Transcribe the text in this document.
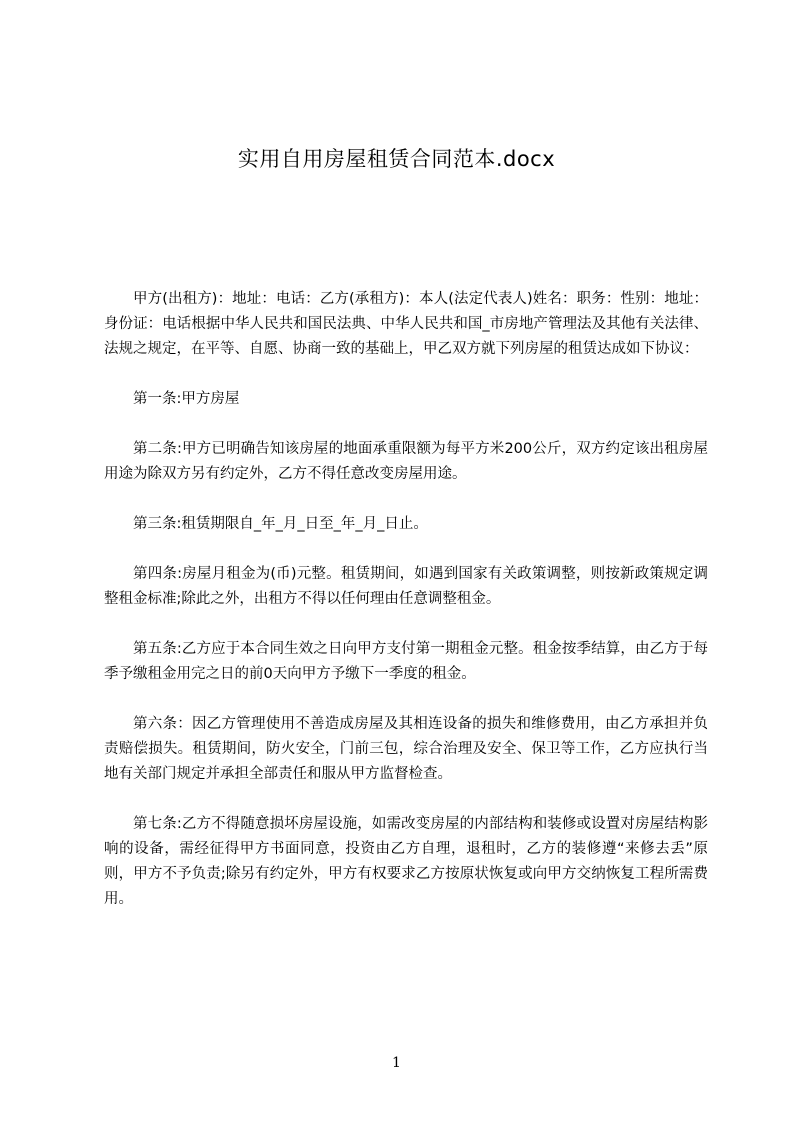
实用自用房屋租赁合同范本.docx

甲方(出租方)：地址：电话：乙方(承租方)：本人(法定代表人)姓名：职务：性别：地址：身份证：电话根据中华人民共和国民法典、中华人民共和国_市房地产管理法及其他有关法律、法规之规定，在平等、自愿、协商一致的基础上，甲乙双方就下列房屋的租赁达成如下协议：

第一条:甲方房屋

第二条:甲方已明确告知该房屋的地面承重限额为每平方米200公斤，双方约定该出租房屋用途为除双方另有约定外，乙方不得任意改变房屋用途。

第三条:租赁期限自_年_月_日至_年_月_日止。

第四条:房屋月租金为(币)元整。租赁期间，如遇到国家有关政策调整，则按新政策规定调整租金标准;除此之外，出租方不得以任何理由任意调整租金。

第五条:乙方应于本合同生效之日向甲方支付第一期租金元整。租金按季结算，由乙方于每季予缴租金用完之日的前0天向甲方予缴下一季度的租金。

第六条：因乙方管理使用不善造成房屋及其相连设备的损失和维修费用，由乙方承担并负责赔偿损失。租赁期间，防火安全，门前三包，综合治理及安全、保卫等工作，乙方应执行当地有关部门规定并承担全部责任和服从甲方监督检查。

第七条:乙方不得随意损坏房屋设施，如需改变房屋的内部结构和装修或设置对房屋结构影响的设备，需经征得甲方书面同意，投资由乙方自理，退租时，乙方的装修遵“来修去丢”原则，甲方不予负责;除另有约定外，甲方有权要求乙方按原状恢复或向甲方交纳恢复工程所需费用。

1
